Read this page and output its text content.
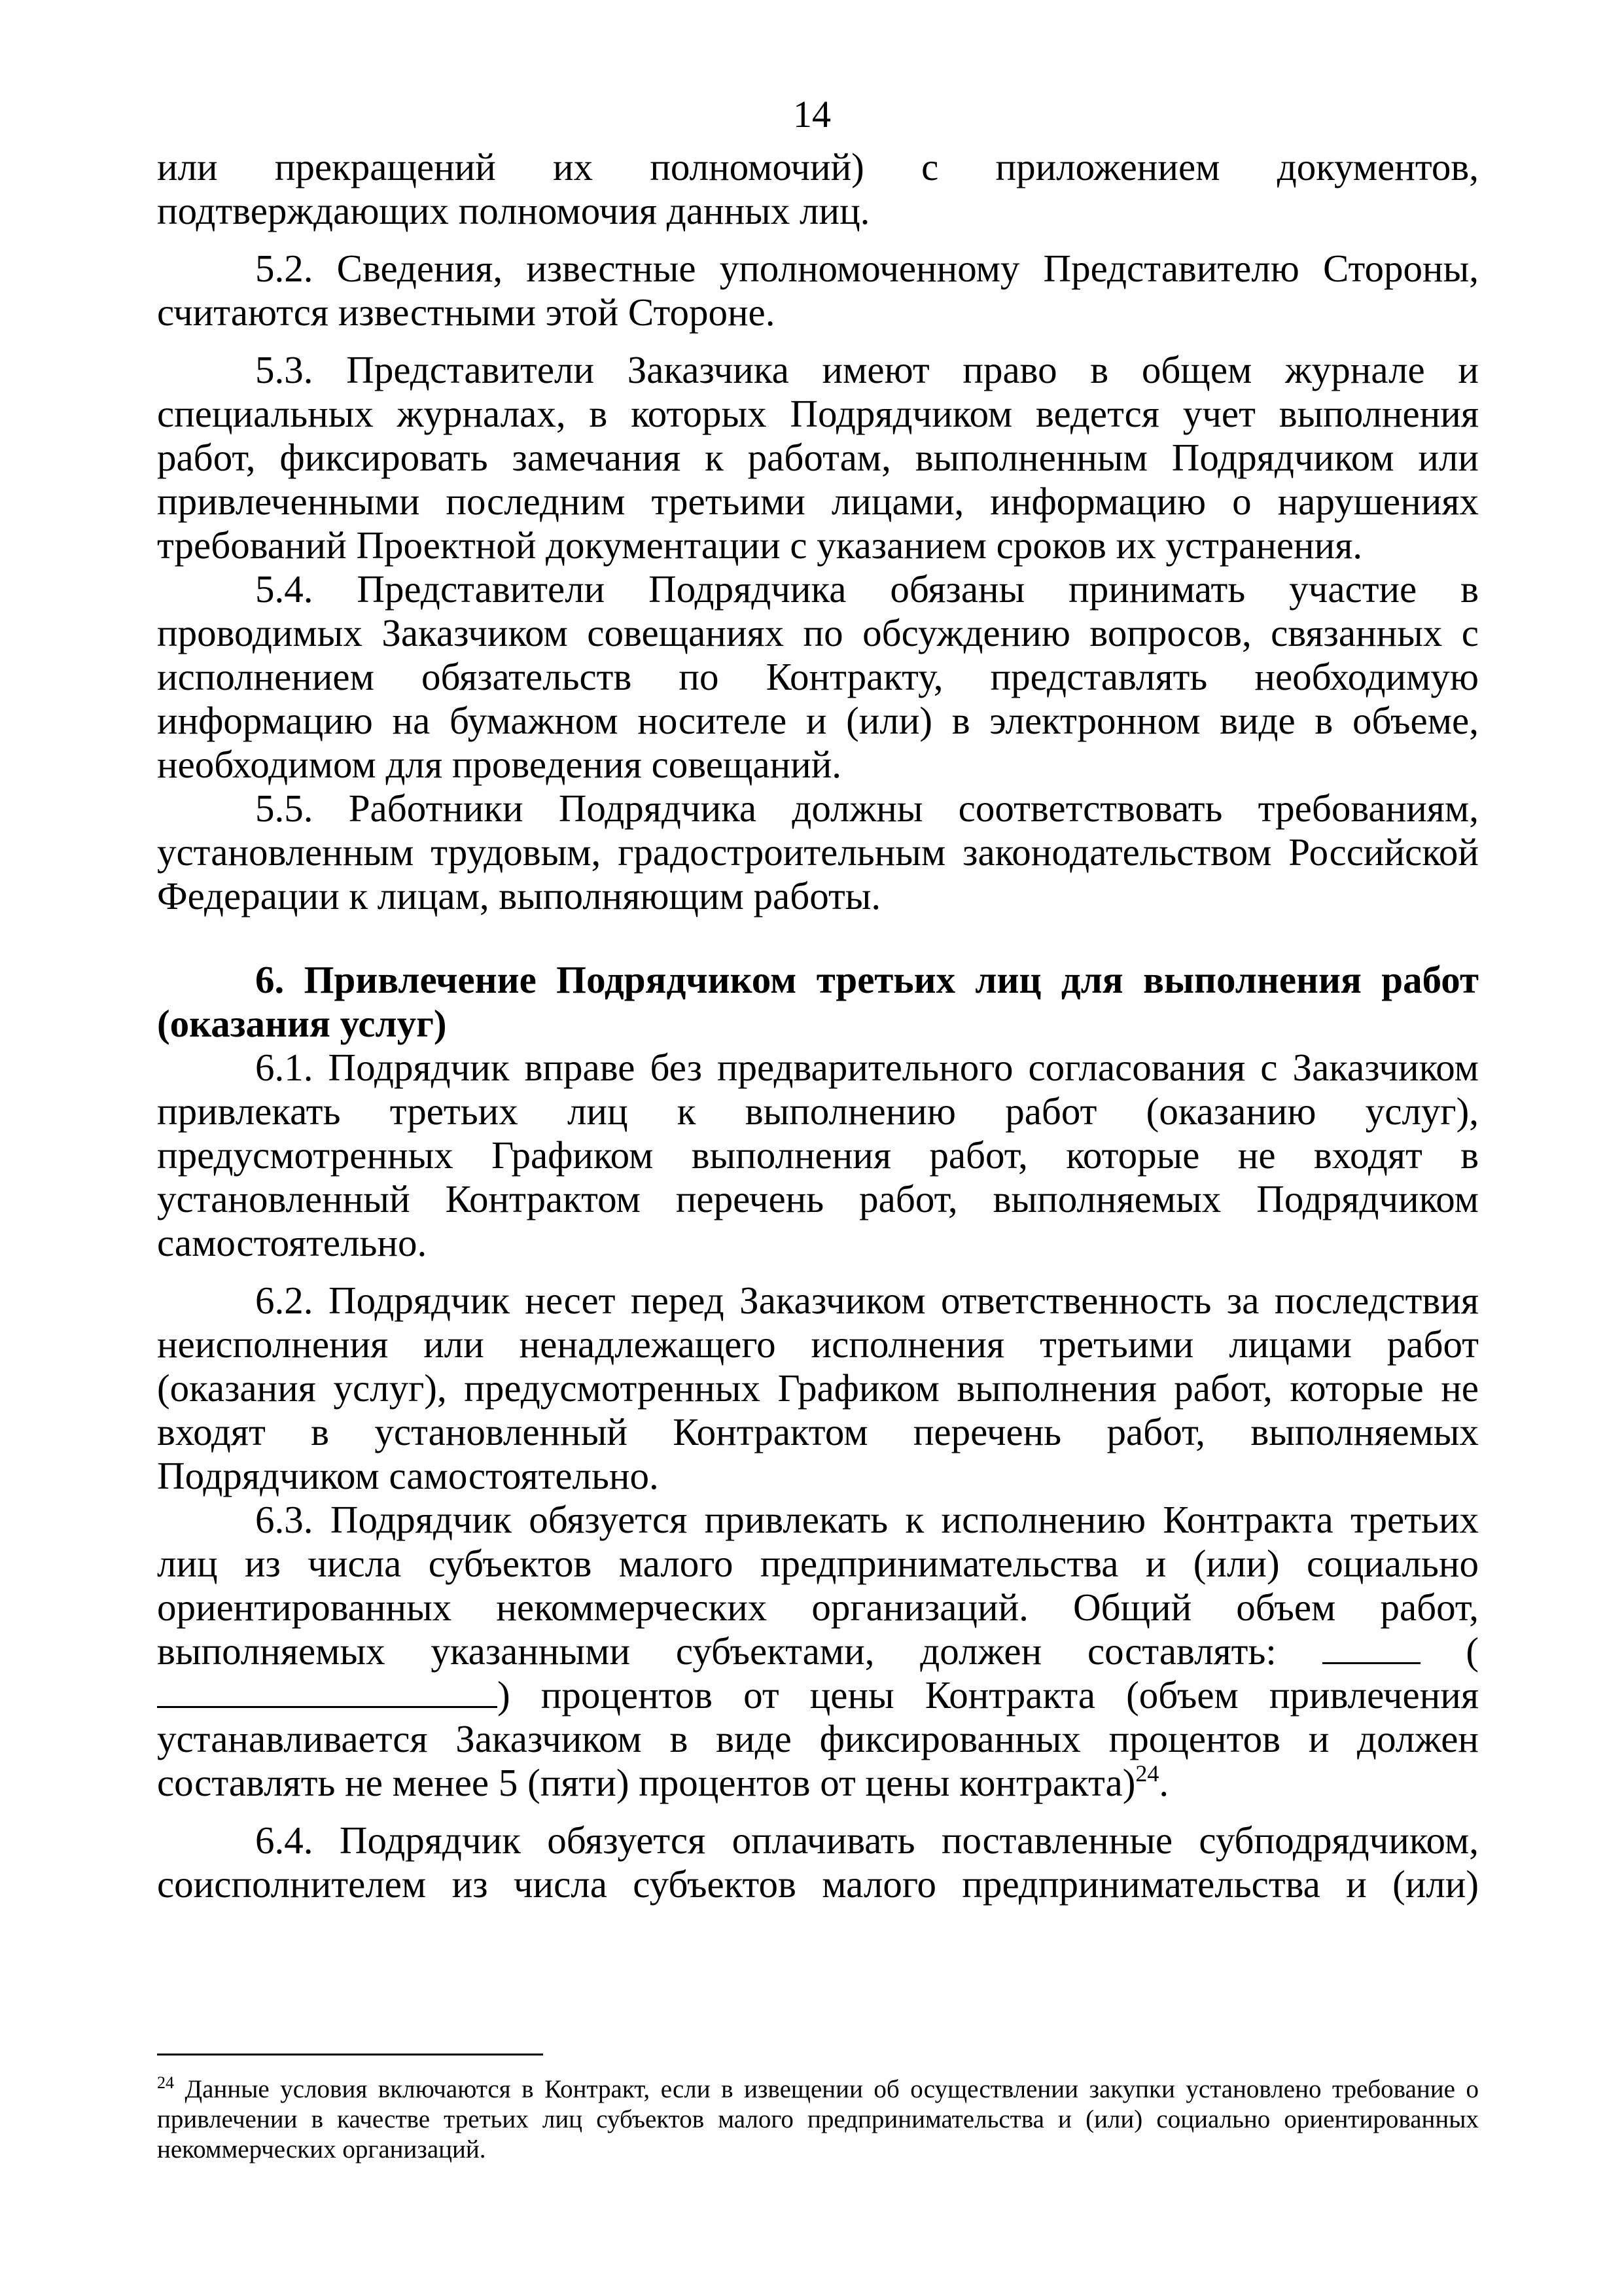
14

или прекращений их полномочий) с приложением документов, подтверждающих полномочия данных лиц.

5.2. Сведения, известные уполномоченному Представителю Стороны, считаются известными этой Стороне.

5.3. Представители Заказчика имеют право в общем журнале и специальных журналах, в которых Подрядчиком ведется учет выполнения работ, фиксировать замечания к работам, выполненным Подрядчиком или привлеченными последним третьими лицами, информацию о нарушениях требований Проектной документации с указанием сроков их устранения.

5.4. Представители Подрядчика обязаны принимать участие в проводимых Заказчиком совещаниях по обсуждению вопросов, связанных с исполнением обязательств по Контракту, представлять необходимую информацию на бумажном носителе и (или) в электронном виде в объеме, необходимом для проведения совещаний.

5.5. Работники Подрядчика должны соответствовать требованиям, установленным трудовым, градостроительным законодательством Российской Федерации к лицам, выполняющим работы.

6. Привлечение Подрядчиком третьих лиц для выполнения работ (оказания услуг)

6.1. Подрядчик вправе без предварительного согласования с Заказчиком привлекать третьих лиц к выполнению работ (оказанию услуг), предусмотренных Графиком выполнения работ, которые не входят в установленный Контрактом перечень работ, выполняемых Подрядчиком самостоятельно.

6.2. Подрядчик несет перед Заказчиком ответственность за последствия неисполнения или ненадлежащего исполнения третьими лицами работ (оказания услуг), предусмотренных Графиком выполнения работ, которые не входят в установленный Контрактом перечень работ, выполняемых Подрядчиком самостоятельно.

6.3. Подрядчик обязуется привлекать к исполнению Контракта третьих лиц из числа субъектов малого предпринимательства и (или) социально ориентированных некоммерческих организаций. Общий объем работ, выполняемых указанными субъектами, должен составлять:	() процентов от цены Контракта (объем привлечения устанавливается Заказчиком в виде фиксированных процентов и должен составлять не менее 5 (пяти) процентов от цены контракта)$^{24}$.

6.4. Подрядчик обязуется оплачивать поставленные субподрядчиком, соисполнителем из числа субъектов малого предпринимательства и (или)

$^{24}$ Данные условия включаются в Контракт, если в извещении об осуществлении закупки установлено требование о привлечении в качестве третьих лиц субъектов малого предпринимательства и (или) социально ориентированных некоммерческих организаций.
